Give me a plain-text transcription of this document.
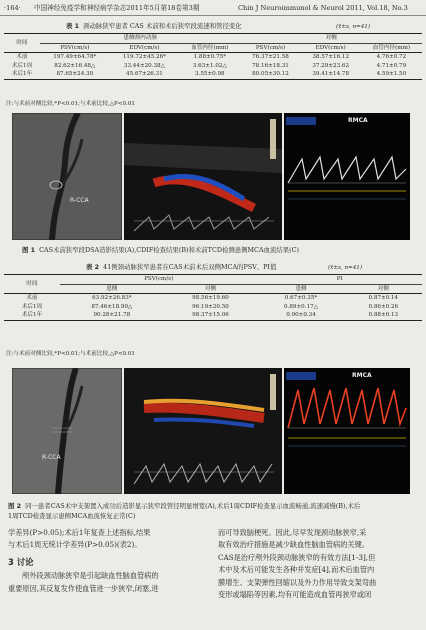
·164· 中国神经免疫学和神经病学杂志2011年5月第18卷第3期	Chin J Neuroimmunol & Neurol 2011, Vol.18, No.3
表 1 颈动脉狭窄患者 CAS 术前和术后狭窄段流速和管径变化	(x̄±s, n=41)
时间	患侧颈内动脉			对侧		
	PSV(cm/s)	EDV(cm/s)	血管内径(mm)	PSV(cm/s)	EDV(cm/s)	血管内径(mm)
术前	197.49±64.78*	119.72±45.26*	1.88±0.75*	76.37±21.58	38.57±16.12	4.76±0.72
术后1周	82.62±16.48△	33.44±20.38△	3.63±1.02△	78.16±18.31	37.29±23.62	4.71±0.79
术后1年	87.65±24.30	45.67±26.31	3.55±0.98	80.05±30.12	39.41±14.78	4.59±1.50
注:与术前对侧比较,*P<0.01;与术前比较,△P<0.01
R-CCA
RMCA
图 1 CAS术前狭窄段DSA造影结果(A),CDIF检查结果(B)和术前TCD检测患侧MCA血流结果(C)
表 2 41例颈动脉狭窄患者在CAS术前术后双侧MCA的PSV、PI值	(x̄±s, n=41)
时间	PSV(cm/s)		PI	
	患侧	对侧	患侧	对侧
术前	63.92±26.83*	98.56±19.60	0.67±0.35*	0.87±0.14
术后1周	87.46±18.90△	96.19±20.50	0.89±0.17△	0.86±0.26
术后1年	90.28±21.78	98.37±15.06	0.90±0.34	0.88±0.13
注:与术前对侧比较,*P<0.01;与术前比较,△P<0.01
R-CCA
RMCA
图 2 同一患者CAS术中支架置入成功后造影显示狭窄段管径明显增宽(A),术后1周CDIF检查显示血流畅通,流速减慢(B),术后
1周TCD检查显示患侧MCA血流恢复正常(C)
学差异(P>0.05);术后1年复查上述指标,结果
与术后1周无统计学差异(P>0.05)(表2)。
3 讨论
颅外段颈动脉狭窄是引起缺血性脑血管病的
重要原因,其反复发作使血管进一步狭窄,闭塞,进
而可导致脑梗死。因此,尽早发现颈动脉狭窄,采
取有效治疗措施是减少缺血性脑血管病的关键。
CAS是治疗颅外段颈动脉狭窄的有效方法[1-3],但
术中及术后可能发生各种并发症[4],而术后血管内
膜增生、支架弹性回缩以及外力作用导致支架弯曲
变形或塌陷等因素,均有可能造成血管再狭窄或闭
